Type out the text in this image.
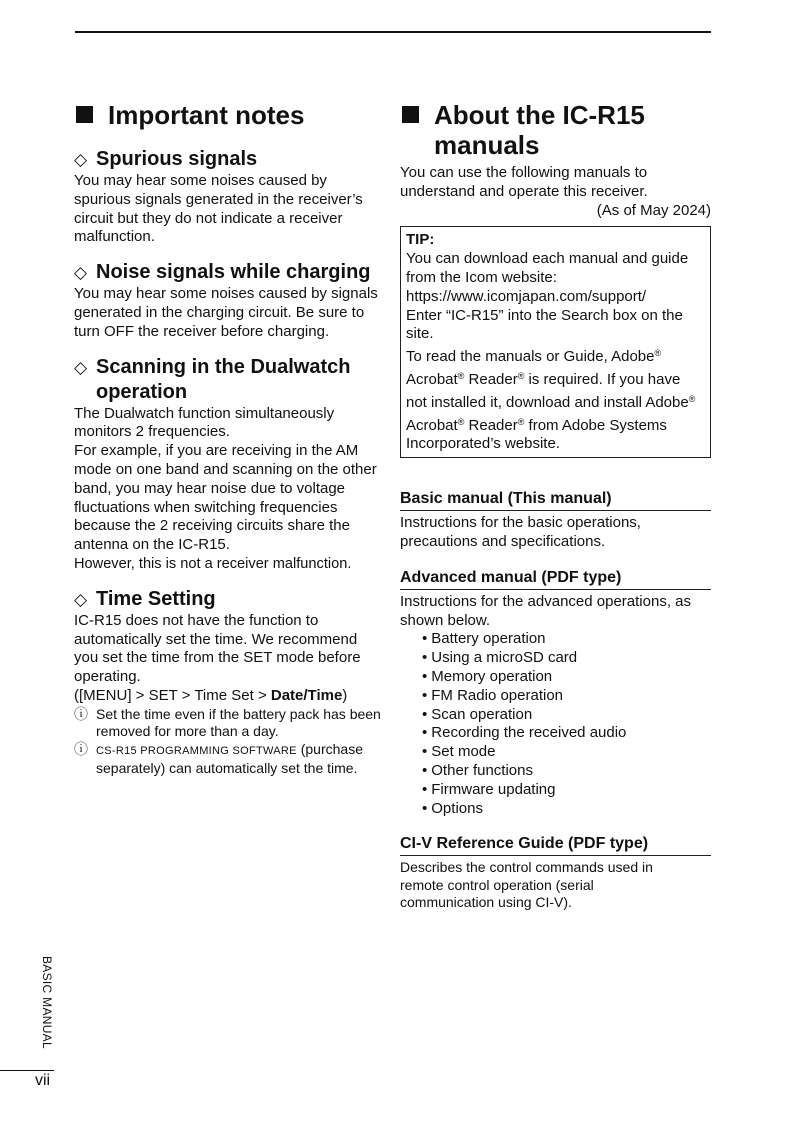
Important notes
◇ Spurious signals

You may hear some noises caused by spurious signals generated in the receiver’s circuit but they do not indicate a receiver malfunction.

◇ Noise signals while charging

You may hear some noises caused by signals generated in the charging circuit. Be sure to turn OFF the receiver before charging.

◇ Scanning in the Dualwatch operation

The Dualwatch function simultaneously monitors 2 frequencies.

For example, if you are receiving in the AM mode on one band and scanning on the other band, you may hear noise due to voltage fluctuations when switching frequencies because the 2 receiving circuits share the antenna on the IC-R15.

However, this is not a receiver malfunction.

◇ Time Setting

IC-R15 does not have the function to automatically set the time. We recommend you set the time from the SET mode before operating.

([MENU] > SET > Time Set > Date/Time)

ⓘ Set the time even if the battery pack has been removed for more than a day.
ⓘ CS-R15 PROGRAMMING SOFTWARE (purchase separately) can automatically set the time.
About the IC-R15 manuals

You can use the following manuals to understand and operate this receiver.

(As of May 2024)

TIP:
You can download each manual and guide from the Icom website:
https://www.icomjapan.com/support/
Enter “IC-R15” into the Search box on the site.
To read the manuals or Guide, Adobe® Acrobat® Reader® is required. If you have not installed it, download and install Adobe® Acrobat® Reader® from Adobe Systems Incorporated’s website.
Basic manual (This manual)

Instructions for the basic operations, precautions and specifications.

Advanced manual (PDF type)

Instructions for the advanced operations, as shown below.

• Battery operation
• Using a microSD card
• Memory operation
• FM Radio operation
• Scan operation
• Recording the received audio
• Set mode
• Other functions
• Firmware updating
• Options
CI-V Reference Guide (PDF type)

Describes the control commands used in remote control operation (serial communication using CI-V).

BASIC MANUAL
vii
